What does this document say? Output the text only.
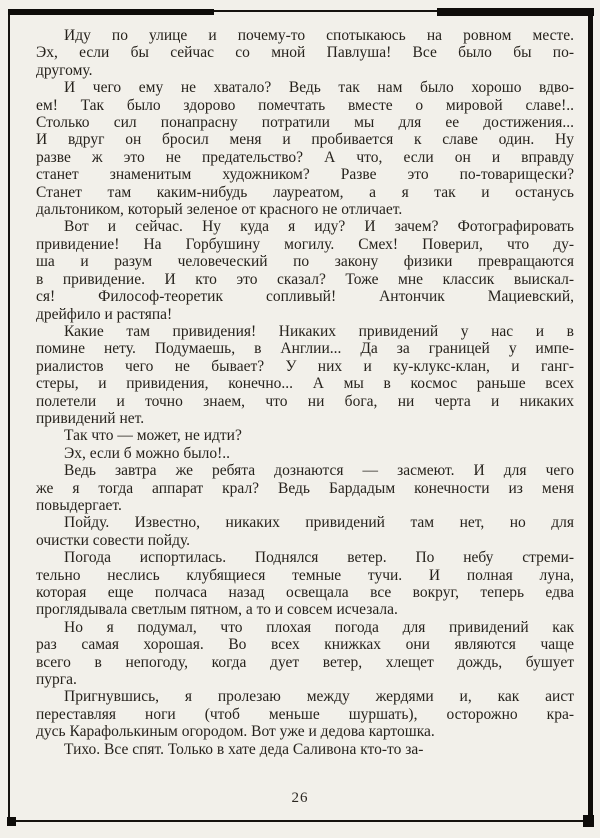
Иду по улице и почему-то спотыкаюсь на ровном месте.
Эх, если бы сейчас со мной Павлуша! Все было бы по-
другому.

И чего ему не хватало? Ведь так нам было хорошо вдво-
ем! Так было здорово помечтать вместе о мировой славе!..
Столько сил понапрасну потратили мы для ее достижения...
И вдруг он бросил меня и пробивается к славе один. Ну
разве ж это не предательство? А что, если он и вправду
станет знаменитым художником? Разве это по-товарищески?
Станет там каким-нибудь лауреатом, а я так и останусь
дальтоником, который зеленое от красного не отличает.

Вот и сейчас. Ну куда я иду? И зачем? Фотографировать
привидение! На Горбушину могилу. Смех! Поверил, что ду-
ша и разум человеческий по закону физики превращаются
в привидение. И кто это сказал? Тоже мне классик выискал-
ся! Философ-теоретик сопливый! Антончик Мациевский,
дрейфило и растяпа!

Какие там привидения! Никаких привидений у нас и в
помине нету. Подумаешь, в Англии... Да за границей у импе-
риалистов чего не бывает? У них и ку-клукс-клан, и ганг-
стеры, и привидения, конечно... А мы в космос раньше всех
полетели и точно знаем, что ни бога, ни черта и никаких
привидений нет.

Так что — может, не идти?

Эх, если б можно было!..

Ведь завтра же ребята дознаются — засмеют. И для чего
же я тогда аппарат крал? Ведь Бардадым конечности из меня
повыдергает.

Пойду. Известно, никаких привидений там нет, но для
очистки совести пойду.

Погода испортилась. Поднялся ветер. По небу стреми-
тельно неслись клубящиеся темные тучи. И полная луна,
которая еще полчаса назад освещала все вокруг, теперь едва
проглядывала светлым пятном, а то и совсем исчезала.

Но я подумал, что плохая погода для привидений как
раз самая хорошая. Во всех книжках они являются чаще
всего в непогоду, когда дует ветер, хлещет дождь, бушует
пурга.

Пригнувшись, я пролезаю между жердями и, как аист
переставляя ноги (чтоб меньше шуршать), осторожно кра-
дусь Карафолькиным огородом. Вот уже и дедова картошка.

Тихо. Все спят. Только в хате деда Саливона кто-то за-

26
